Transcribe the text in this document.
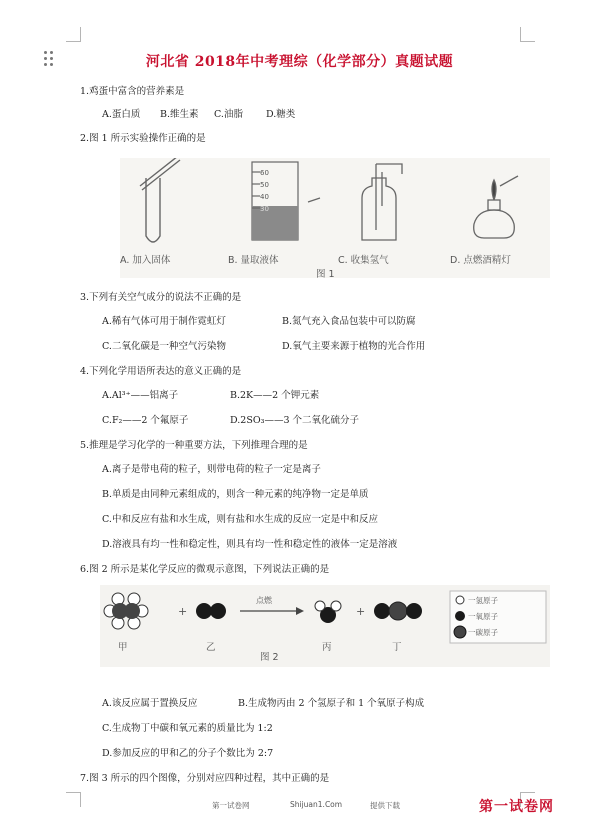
河北省 2018年中考理综（化学部分）真题试题
1.鸡蛋中富含的营养素是
A.蛋白质 B.维生素 C.油脂 D.糖类
2.图 1 所示实验操作正确的是
60
50
40
30
A. 加入固体	B. 量取液体	C. 收集氢气	D. 点燃酒精灯
图 1
3.下列有关空气成分的说法不正确的是
A.稀有气体可用于制作霓虹灯	B.氮气充入食品包装中可以防腐
C.二氧化碳是一种空气污染物	D.氧气主要来源于植物的光合作用
4.下列化学用语所表达的意义正确的是
A.Al³⁺——铝离子	B.2K——2 个钾元素
C.F₂——2 个氟原子	D.2SO₃——3 个二氧化硫分子
5.推理是学习化学的一种重要方法，下列推理合理的是
A.离子是带电荷的粒子，则带电荷的粒子一定是离子
B.单质是由同种元素组成的，则含一种元素的纯净物一定是单质
C.中和反应有盐和水生成，则有盐和水生成的反应一定是中和反应
D.溶液具有均一性和稳定性，则具有均一性和稳定性的液体一定是溶液
6.图 2 所示是某化学反应的微观示意图，下列说法正确的是
+	+
甲	乙
点燃
图 2
丙	丁
一氢原子
一氧原子
一碳原子
A.该反应属于置换反应	B.生成物丙由 2 个氢原子和 1 个氧原子构成
C.生成物丁中碳和氧元素的质量比为 1:2
D.参加反应的甲和乙的分子个数比为 2:7
7.图 3 所示的四个图像，分别对应四种过程，其中正确的是
第一试卷网	Shijuan1.Com	提供下载	第一试卷网
